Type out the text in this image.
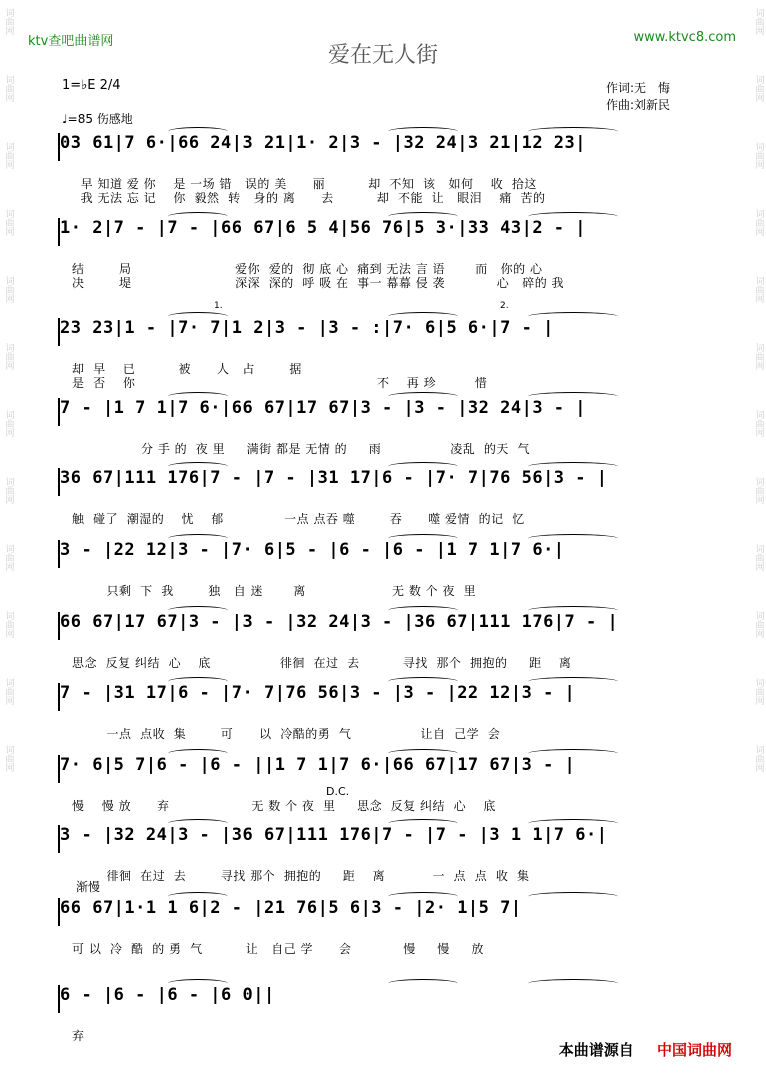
词曲网
词曲网
词曲网
词曲网
词曲网
词曲网
词曲网
词曲网
词曲网
词曲网
词曲网
词曲网
词曲网
词曲网
词曲网
词曲网
词曲网
词曲网
词曲网
词曲网
词曲网
词曲网
词曲网
词曲网
ktv查吧曲谱网	www.ktvc8.com
爱在无人街
1=♭E 2/4
♩=85 伤感地
作词:无　悔
作曲:刘新民
03 61|7 6·|66 24|3 21|1· 2|3 - |32 24|3 21|12 23|
早 知道 爱 你    是 一场 错   误的 美      丽          却  不知  该   如何    收  拾这
我 无法 忘 记    你  毅然  转   身的 离      去          却  不能  让   眼泪    痛  苦的
1· 2|7 - |7 - |66 67|6 5 4|56 76|5 3·|33 43|2 - |
结        局                        爱你  爱的  彻 底 心  痛到 无法 言 语       而   你的 心
决        堤                        深深  深的  呼 吸 在  事一 幕幕 侵 袭            心   碎的 我
23 23|1 - |7· 7|1 2|3 - |3 - :|7· 6|5 6·|7 - |
却  早    已          被      人   占        据
是  否    你                                                        不    再 珍         惜
7 - |1 7 1|7 6·|66 67|17 67|3 - |3 - |32 24|3 - |
分 手 的  夜 里     满街 都是 无情 的     雨                凌乱  的天  气
36 67|111 176|7 - |7 - |31 17|6 - |7· 7|76 56|3 - |
触  碰了  潮湿的    忧    郁              一点 点吞 噬        吞      噬 爱情  的记  忆
3 - |22 12|3 - |7· 6|5 - |6 - |6 - |1 7 1|7 6·|
只剩  下  我        独   自 迷       离                    无 数 个 夜  里
66 67|17 67|3 - |3 - |32 24|3 - |36 67|111 176|7 - |
思念  反复 纠结  心    底                徘徊  在过  去          寻找  那个  拥抱的     距    离
7 - |31 17|6 - |7· 7|76 56|3 - |3 - |22 12|3 - |
一点  点收  集        可      以  冷酷的勇  气                让自  己学  会
7· 6|5 7|6 - |6 - ||1 7 1|7 6·|66 67|17 67|3 - |
慢    慢 放      弃                   无 数 个 夜  里     思念  反复 纠结  心    底
3 - |32 24|3 - |36 67|111 176|7 - |7 - |3 1 1|7 6·|
徘徊  在过  去        寻找 那个  拥抱的     距    离           一  点  点  收  集
66 67|1·1 1 6|2 - |21 76|5 6|3 - |2· 1|5 7|
可 以  冷  酷  的 勇  气          让   自己 学      会            慢     慢     放
6 - |6 - |6 - |6 0||
弃
D.C.
渐慢
1.	2.
本曲谱源自 中国词曲网
